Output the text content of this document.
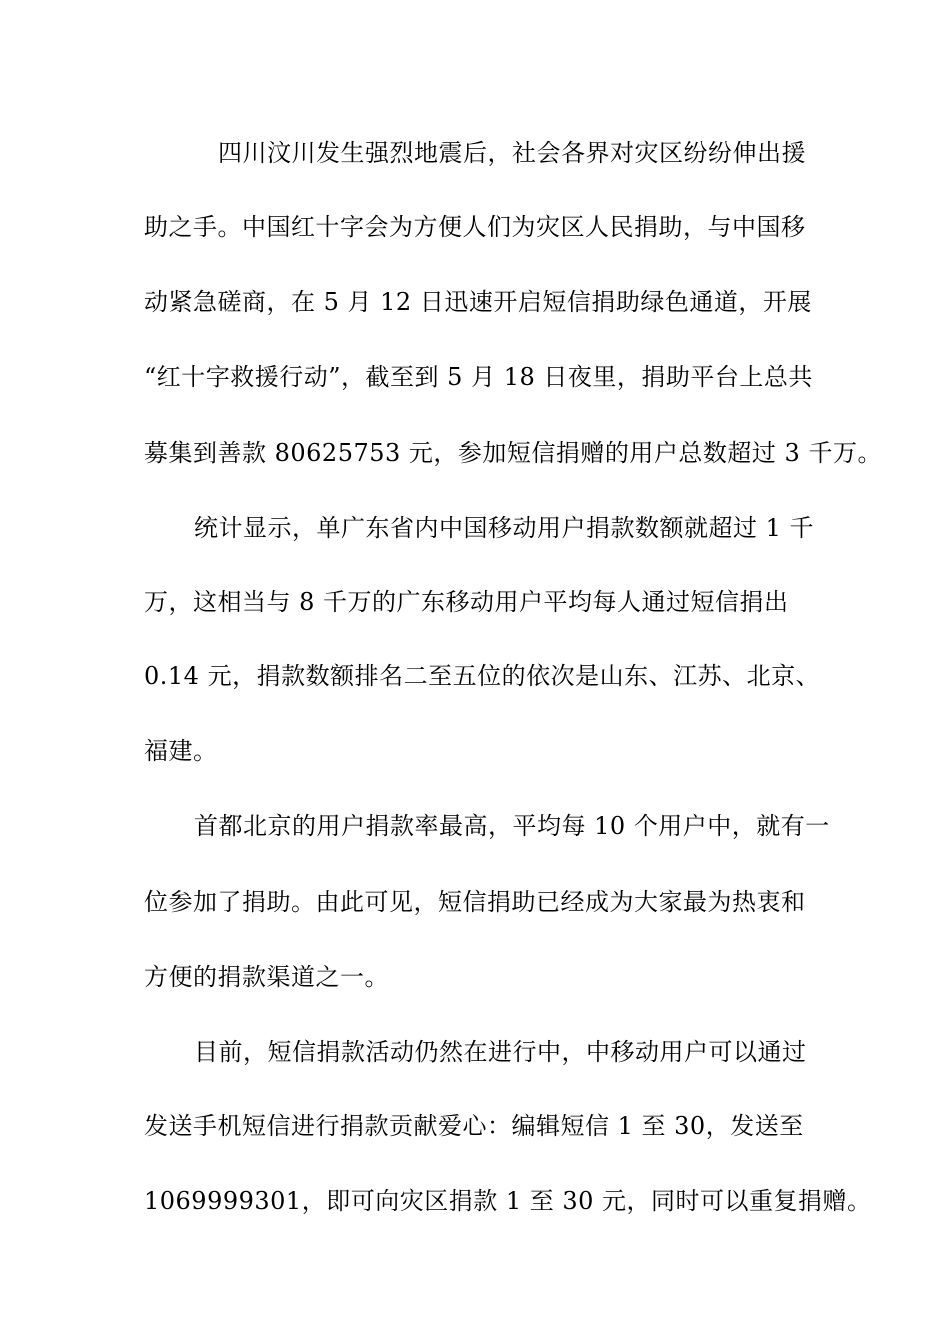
四川汶川发生强烈地震后，社会各界对灾区纷纷伸出援
助之手。中国红十字会为方便人们为灾区人民捐助，与中国移
动紧急磋商，在 5 月 12 日迅速开启短信捐助绿色通道，开展
“红十字救援行动”，截至到 5 月 18 日夜里，捐助平台上总共
募集到善款 80625753 元，参加短信捐赠的用户总数超过 3 千万。
统计显示，单广东省内中国移动用户捐款数额就超过 1 千
万，这相当与 8 千万的广东移动用户平均每人通过短信捐出
0.14 元，捐款数额排名二至五位的依次是山东、江苏、北京、
福建。
首都北京的用户捐款率最高，平均每 10 个用户中，就有一
位参加了捐助。由此可见，短信捐助已经成为大家最为热衷和
方便的捐款渠道之一。
目前，短信捐款活动仍然在进行中，中移动用户可以通过
发送手机短信进行捐款贡献爱心：编辑短信 1 至 30，发送至
1069999301，即可向灾区捐款 1 至 30 元，同时可以重复捐赠。
